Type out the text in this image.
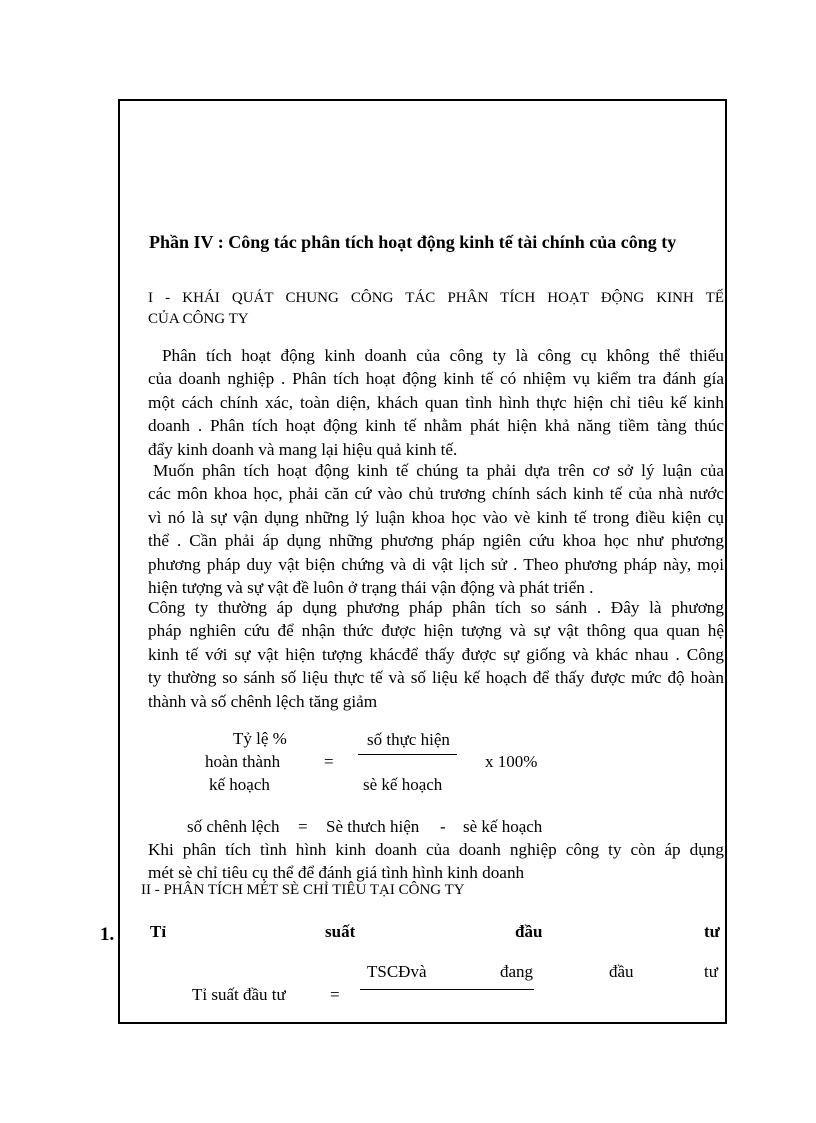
Phần IV : Công tác phân tích hoạt động kinh tế tài chính của công ty
I - KHÁI QUÁT CHUNG CÔNG TÁC PHÂN TÍCH HOẠT ĐỘNG KINH TẾ
CỦA CÔNG TY
Phân tích hoạt động kinh doanh của công ty là công cụ không thể thiếu
của doanh nghiệp . Phân tích hoạt động kinh tế có nhiệm vụ kiểm tra đánh gía
một cách chính xác, toàn diện, khách quan tình hình thực hiện chỉ tiêu kế kinh
doanh . Phân tích hoạt động kinh tế nhằm phát hiện khả năng tiềm tàng thúc
đẩy kinh doanh và mang lại hiệu quả kinh tế.
Muốn phân tích hoạt động kinh tế chúng ta phải dựa trên cơ sở lý luận của
các môn khoa học, phải căn cứ vào chủ trương chính sách kinh tế của nhà nước
vì nó là sự vận dụng những lý luận khoa học vào vè kinh tế trong điều kiện cụ
thể . Cần phải áp dụng những phương pháp ngiên cứu khoa học như phương
phương pháp duy vật biện chứng và di vật lịch sử . Theo phương pháp này, mọi
hiện tượng và sự vật đề luôn ở trạng thái vận động và phát triển .
Công ty thường áp dụng phương pháp phân tích so sánh . Đây là phương
pháp nghiên cứu để nhận thức được hiện tượng và sự vật thông qua quan hệ
kinh tế với sự vật hiện tượng khácđể thấy được sự giống và khác nhau . Công
ty thường so sánh số liệu thực tế và số liệu kế hoạch để thấy được mức độ hoàn
thành và số chênh lệch tăng giảm
Tỷ lệ %
hoàn thành
kế hoạch
=
số thực hiện
sè kế hoạch
x 100%
số chênh lệch = Sè thưch hiện - sè kế hoạch
Khi phân tích tình hình kinh doanh của doanh nghiệp công ty còn áp dụng
mét sè chỉ tiêu cụ thể để đánh giá tình hình kinh doanh
II - PHÂN TÍCH MÉT SÈ CHỈ TIÊU TẠI CÔNG TY
1. Tỉ	suất	đầu	tư
TSCĐvà	đang	đầu	tư
Tỉ suất đầu tư	=
